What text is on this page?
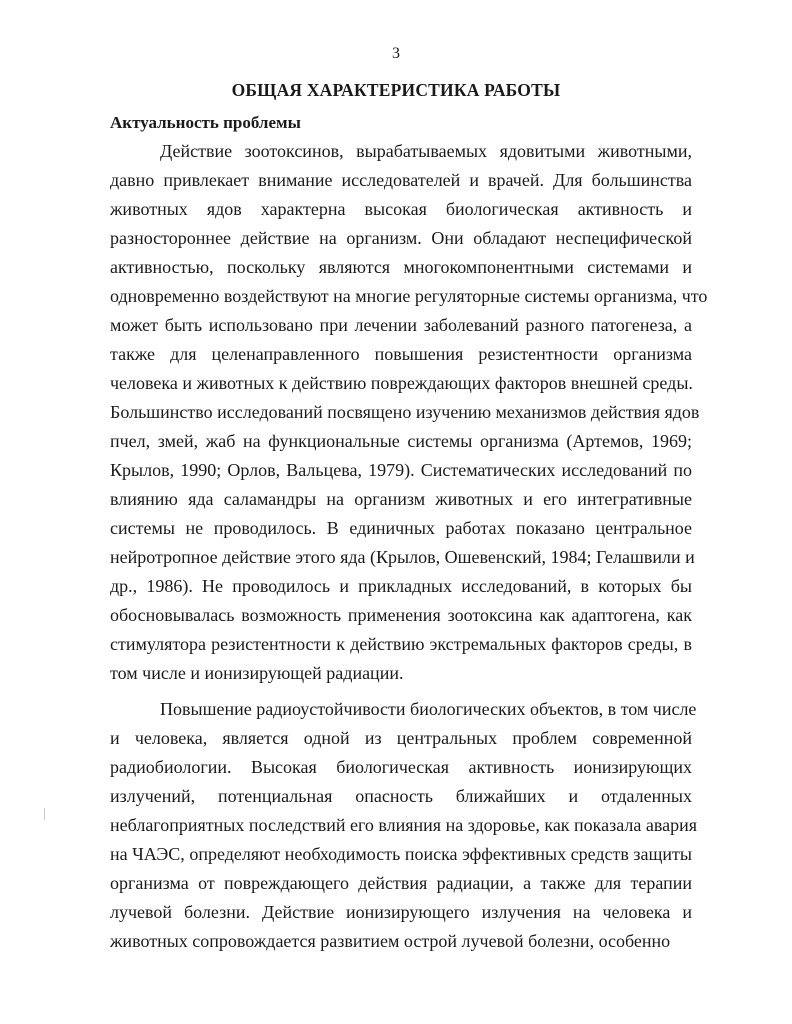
3
ОБЩАЯ ХАРАКТЕРИСТИКА РАБОТЫ
Актуальность проблемы
Действие зоотоксинов, вырабатываемых ядовитыми животными,
давно привлекает внимание исследователей и врачей. Для большинства
животных ядов характерна высокая биологическая активность и
разностороннее действие на организм. Они обладают неспецифической
активностью, поскольку являются многокомпонентными системами и
одновременно воздействуют на многие регуляторные системы организма, что
может быть использовано при лечении заболеваний разного патогенеза, а
также для целенаправленного повышения резистентности организма
человека и животных к действию повреждающих факторов внешней среды.
Большинство исследований посвящено изучению механизмов действия ядов
пчел, змей, жаб на функциональные системы организма (Артемов, 1969;
Крылов, 1990; Орлов, Вальцева, 1979). Систематических исследований по
влиянию яда саламандры на организм животных и его интегративные
системы не проводилось. В единичных работах показано центральное
нейротропное действие этого яда (Крылов, Ошевенский, 1984; Гелашвили и
др., 1986). Не проводилось и прикладных исследований, в которых бы
обосновывалась возможность применения зоотоксина как адаптогена, как
стимулятора резистентности к действию экстремальных факторов среды, в
том числе и ионизирующей радиации.
Повышение радиоустойчивости биологических объектов, в том числе
и человека, является одной из центральных проблем современной
радиобиологии. Высокая биологическая активность ионизирующих
излучений, потенциальная опасность ближайших и отдаленных
неблагоприятных последствий его влияния на здоровье, как показала авария
на ЧАЭС, определяют необходимость поиска эффективных средств защиты
организма от повреждающего действия радиации, а также для терапии
лучевой болезни. Действие ионизирующего излучения на человека и
животных сопровождается развитием острой лучевой болезни, особенно
